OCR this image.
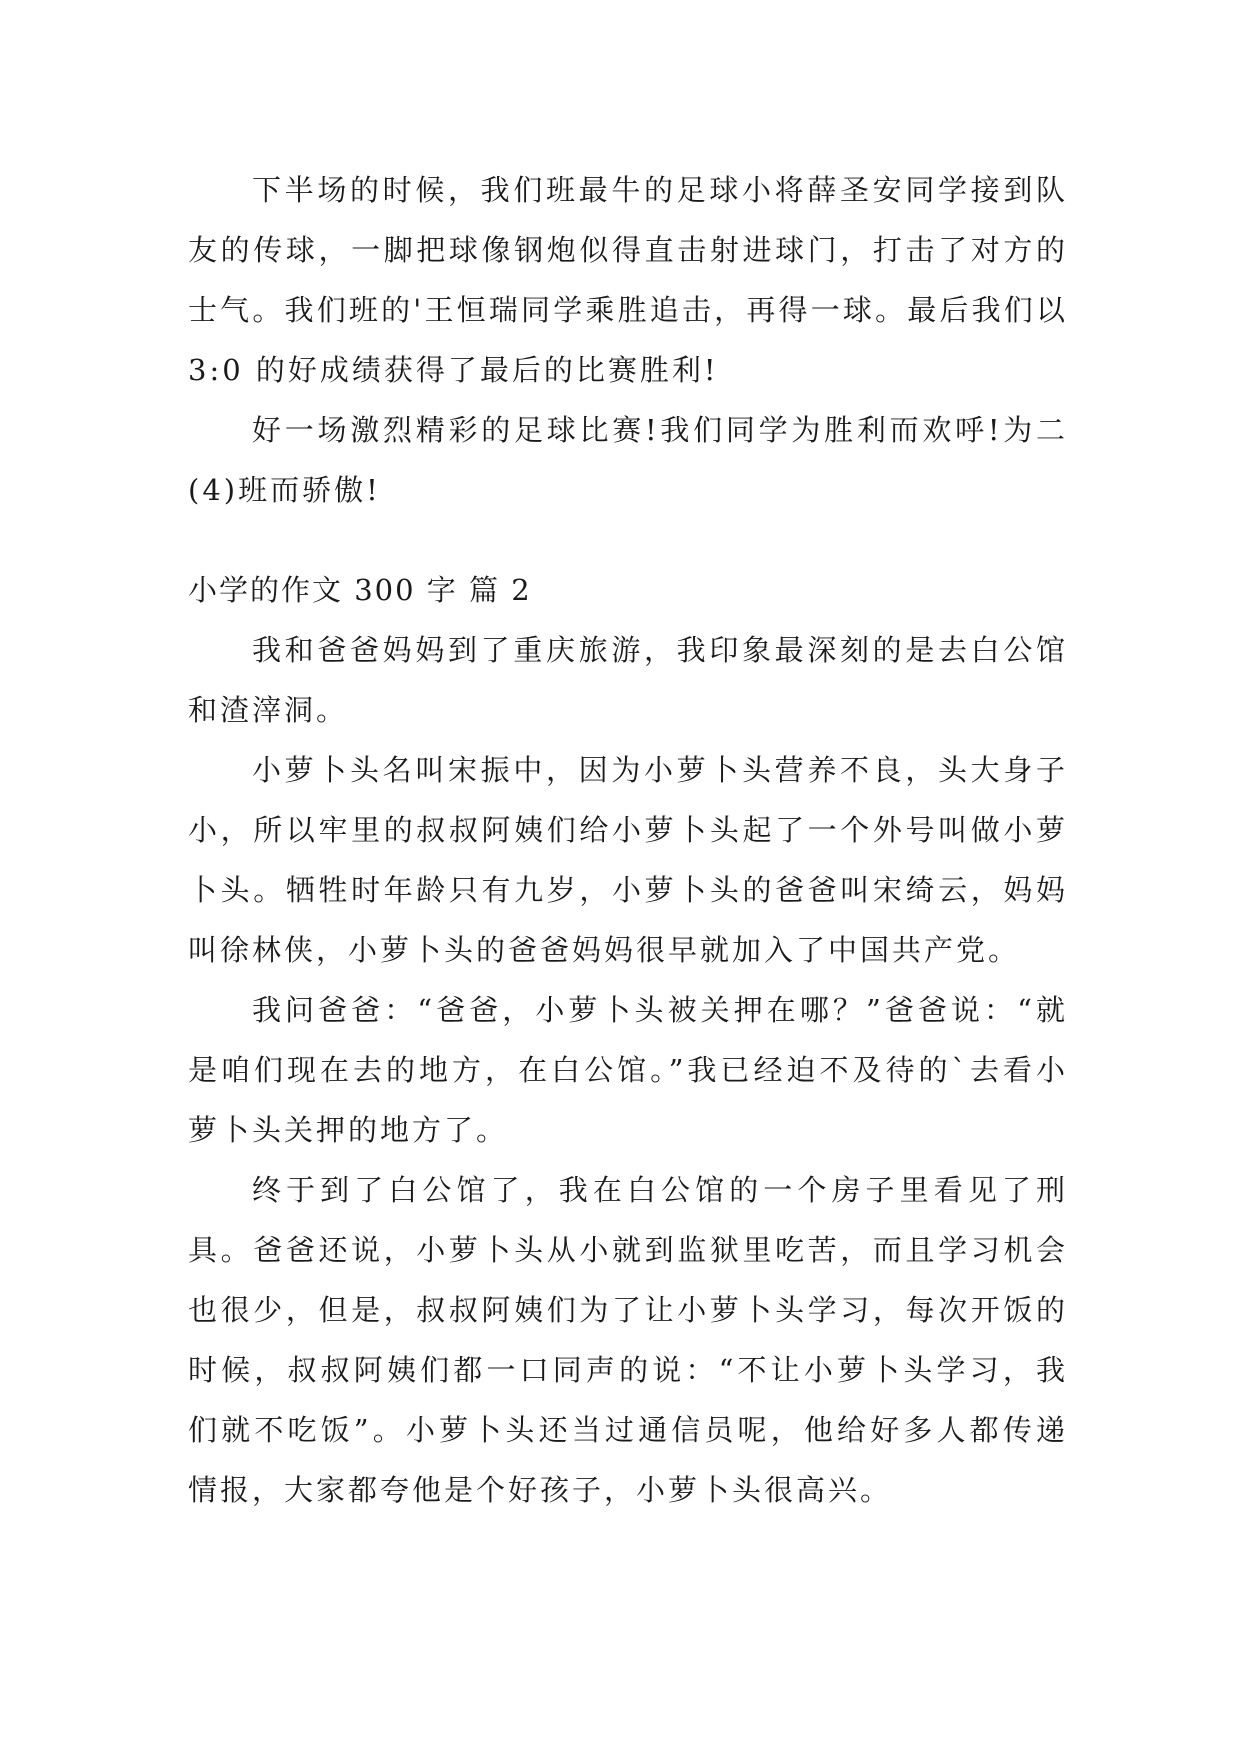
下半场的时候，我们班最牛的足球小将薛圣安同学接到队友的传球，一脚把球像钢炮似得直击射进球门，打击了对方的士气。我们班的'王恒瑞同学乘胜追击，再得一球。最后我们以 3:0 的好成绩获得了最后的比赛胜利!

好一场激烈精彩的足球比赛!我们同学为胜利而欢呼!为二(4)班而骄傲!

小学的作文 300 字 篇 2

我和爸爸妈妈到了重庆旅游，我印象最深刻的是去白公馆和渣滓洞。

小萝卜头名叫宋振中，因为小萝卜头营养不良，头大身子小，所以牢里的叔叔阿姨们给小萝卜头起了一个外号叫做小萝卜头。牺牲时年龄只有九岁，小萝卜头的爸爸叫宋绮云，妈妈叫徐林侠，小萝卜头的爸爸妈妈很早就加入了中国共产党。

我问爸爸：“爸爸，小萝卜头被关押在哪？”爸爸说：“就是咱们现在去的地方，在白公馆。”我已经迫不及待的`去看小萝卜头关押的地方了。

终于到了白公馆了，我在白公馆的一个房子里看见了刑具。爸爸还说，小萝卜头从小就到监狱里吃苦，而且学习机会也很少，但是，叔叔阿姨们为了让小萝卜头学习，每次开饭的时候，叔叔阿姨们都一口同声的说：“不让小萝卜头学习，我们就不吃饭”。小萝卜头还当过通信员呢，他给好多人都传递情报，大家都夸他是个好孩子，小萝卜头很高兴。
